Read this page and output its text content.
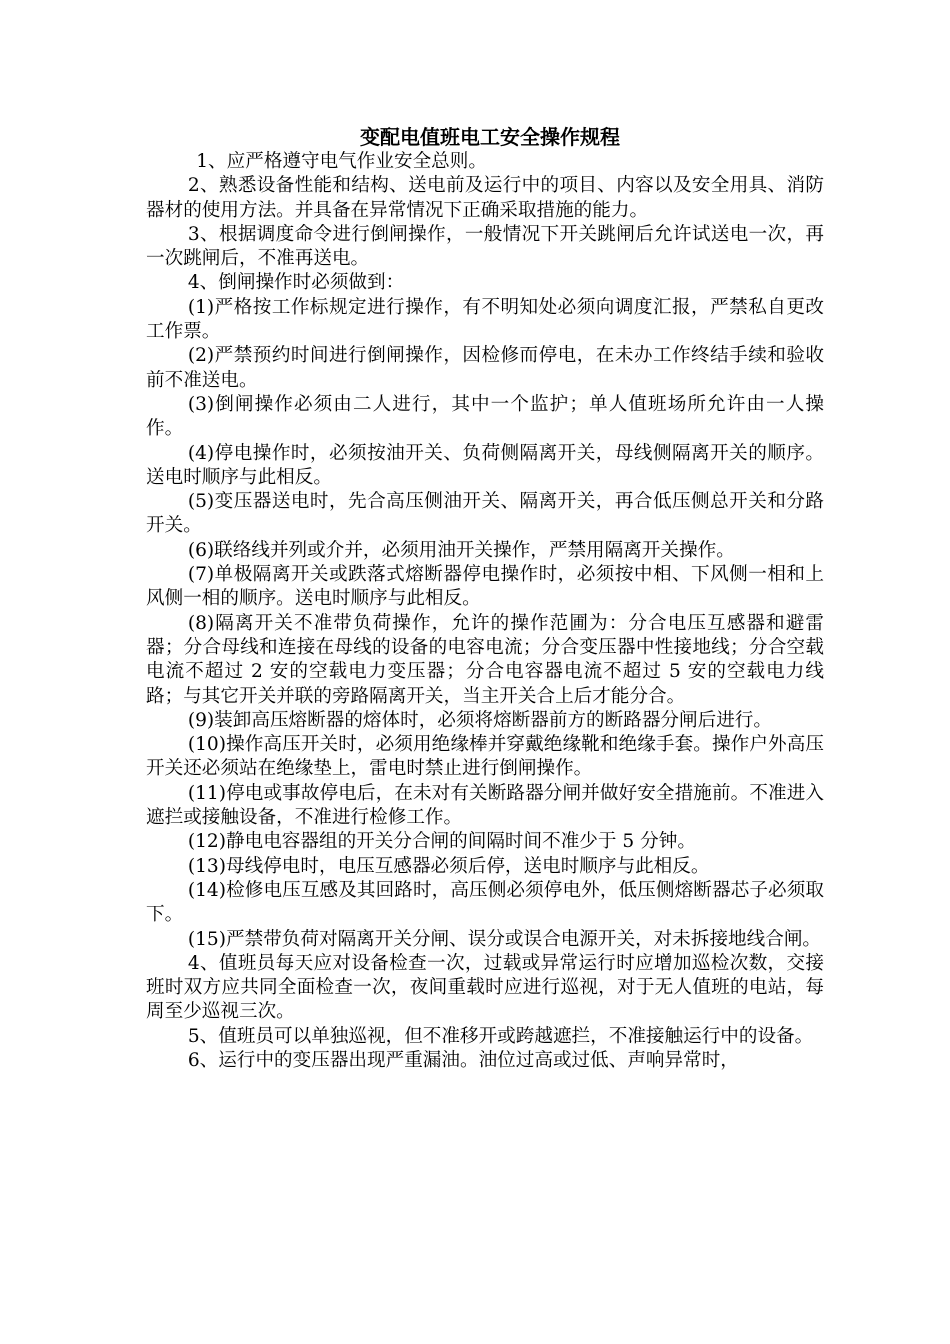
变配电值班电工安全操作规程

1、应严格遵守电气作业安全总则。

2、熟悉设备性能和结构、送电前及运行中的项目、内容以及安全用具、消防器材的使用方法。并具备在异常情况下正确采取措施的能力。

3、根据调度命令进行倒闸操作，一般情况下开关跳闸后允许试送电一次，再一次跳闸后，不准再送电。

4、倒闸操作时必须做到：

(1)严格按工作标规定进行操作，有不明知处必须向调度汇报，严禁私自更改工作票。

(2)严禁预约时间进行倒闸操作，因检修而停电，在未办工作终结手续和验收前不准送电。

(3)倒闸操作必须由二人进行，其中一个监护；单人值班场所允许由一人操作。

(4)停电操作时，必须按油开关、负荷侧隔离开关，母线侧隔离开关的顺序。送电时顺序与此相反。

(5)变压器送电时，先合高压侧油开关、隔离开关，再合低压侧总开关和分路开关。

(6)联络线并列或介并，必须用油开关操作，严禁用隔离开关操作。

(7)单极隔离开关或跌落式熔断器停电操作时，必须按中相、下风侧一相和上风侧一相的顺序。送电时顺序与此相反。

(8)隔离开关不准带负荷操作，允许的操作范圃为：分合电压互感器和避雷器；分合母线和连接在母线的设备的电容电流；分合变压器中性接地线；分合空载电流不超过 2 安的空载电力变压器；分合电容器电流不超过 5 安的空载电力线路；与其它开关并联的旁路隔离开关，当主开关合上后才能分合。

(9)装卸高压熔断器的熔体时，必须将熔断器前方的断路器分闸后进行。

(10)操作高压开关时，必须用绝缘棒并穿戴绝缘靴和绝缘手套。操作户外高压开关还必须站在绝缘垫上，雷电时禁止进行倒闸操作。

(11)停电或事故停电后，在未对有关断路器分闸并做好安全措施前。不准进入遮拦或接触设备，不准进行检修工作。

(12)静电电容器组的开关分合闸的间隔时间不准少于 5 分钟。

(13)母线停电时，电压互感器必须后停，送电时顺序与此相反。

(14)检修电压互感及其回路时，高压侧必须停电外，低压侧熔断器芯子必须取下。

(15)严禁带负荷对隔离开关分闸、误分或误合电源开关，对未拆接地线合闸。

4、值班员每天应对设备检查一次，过载或异常运行时应增加巡检次数，交接班时双方应共同全面检查一次，夜间重载时应进行巡视，对于无人值班的电站，每周至少巡视三次。

5、值班员可以单独巡视，但不准移开或跨越遮拦，不准接触运行中的设备。

6、运行中的变压器出现严重漏油。油位过高或过低、声响异常时，
